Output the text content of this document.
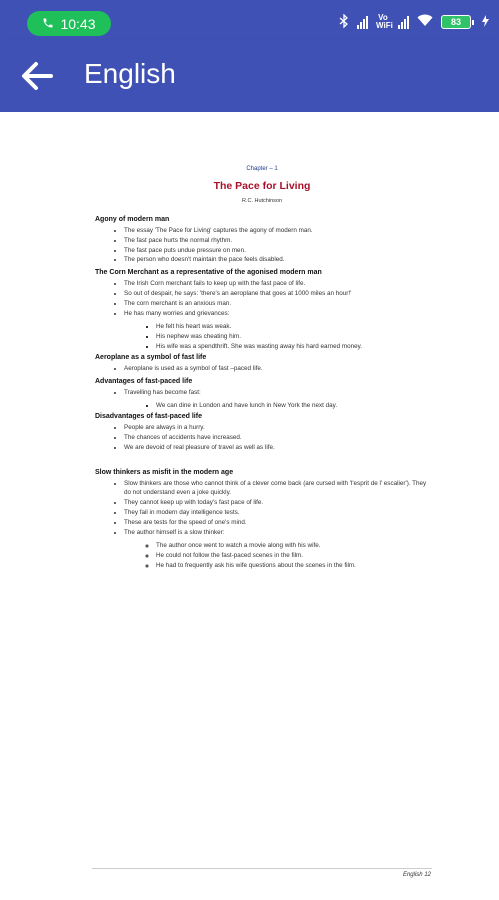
10:43	Vo WiFi	83
English
Chapter – 1
The Pace for Living
R.C. Hutchinson
Agony of modern man
• The essay 'The Pace for Living' captures the agony of modern man.
• The fast pace hurts the normal rhythm.
• The fast pace puts undue pressure on men.
• The person who doesn't maintain the pace feels disabled.
The Corn Merchant as a representative of the agonised modern man
• The Irish Corn merchant fails to keep up with the fast pace of life.
• So out of despair, he says: 'there's an aeroplane that goes at 1000 miles an hour!'
• The corn merchant is an anxious man.
• He has many worries and grievances:
▪ He felt his heart was weak.
▪ His nephew was cheating him.
▪ His wife was a spendthrift. She was wasting away his hard earned money.
Aeroplane as a symbol of fast life
• Aeroplane is used as a symbol of fast –paced life.
Advantages of fast-paced life
• Travelling has become fast:
▪ We can dine in London and have lunch in New York the next day.
Disadvantages of fast-paced life
• People are always in a hurry.
• The chances of accidents have increased.
• We are devoid of real pleasure of travel as well as life.
Slow thinkers as misfit in the modern age
• Slow thinkers are those who cannot think of a clever come back (are cursed with 'l'esprit de l' escalier'). They do not understand even a joke quickly.
• They cannot keep up with today's fast pace of life.
• They fail in modern day intelligence tests.
• These are tests for the speed of one's mind.
• The author himself is a slow thinker:
◦ The author once went to watch a movie along with his wife.
◦ He could not follow the fast-paced scenes in the film.
◦ He had to frequently ask his wife questions about the scenes in the film.
English 12
